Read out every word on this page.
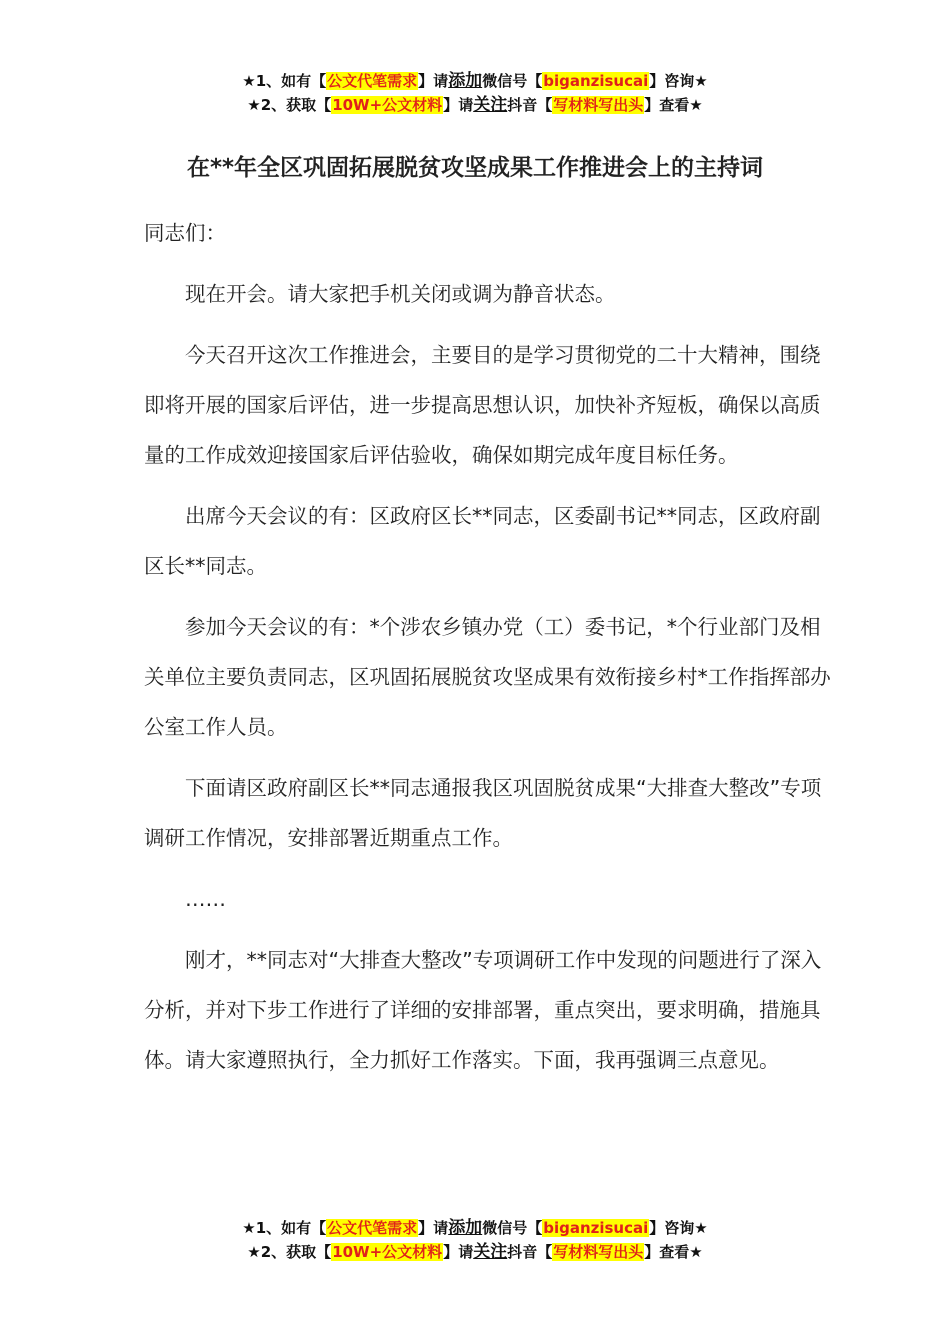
★1、如有【公文代笔需求】请添加微信号【biganzisucai】咨询★
★2、获取【10W+公文材料】请关注抖音【写材料写出头】查看★
在**年全区巩固拓展脱贫攻坚成果工作推进会上的主持词

同志们：

现在开会。请大家把手机关闭或调为静音状态。

今天召开这次工作推进会，主要目的是学习贯彻党的二十大精神，围绕即将开展的国家后评估，进一步提高思想认识，加快补齐短板，确保以高质量的工作成效迎接国家后评估验收，确保如期完成年度目标任务。

出席今天会议的有：区政府区长**同志，区委副书记**同志，区政府副区长**同志。

参加今天会议的有：*个涉农乡镇办党（工）委书记，*个行业部门及相关单位主要负责同志，区巩固拓展脱贫攻坚成果有效衔接乡村*工作指挥部办公室工作人员。

下面请区政府副区长**同志通报我区巩固脱贫成果“大排查大整改”专项调研工作情况，安排部署近期重点工作。

……

刚才，**同志对“大排查大整改”专项调研工作中发现的问题进行了深入分析，并对下步工作进行了详细的安排部署，重点突出，要求明确，措施具体。请大家遵照执行，全力抓好工作落实。下面，我再强调三点意见。

★1、如有【公文代笔需求】请添加微信号【biganzisucai】咨询★
★2、获取【10W+公文材料】请关注抖音【写材料写出头】查看★
